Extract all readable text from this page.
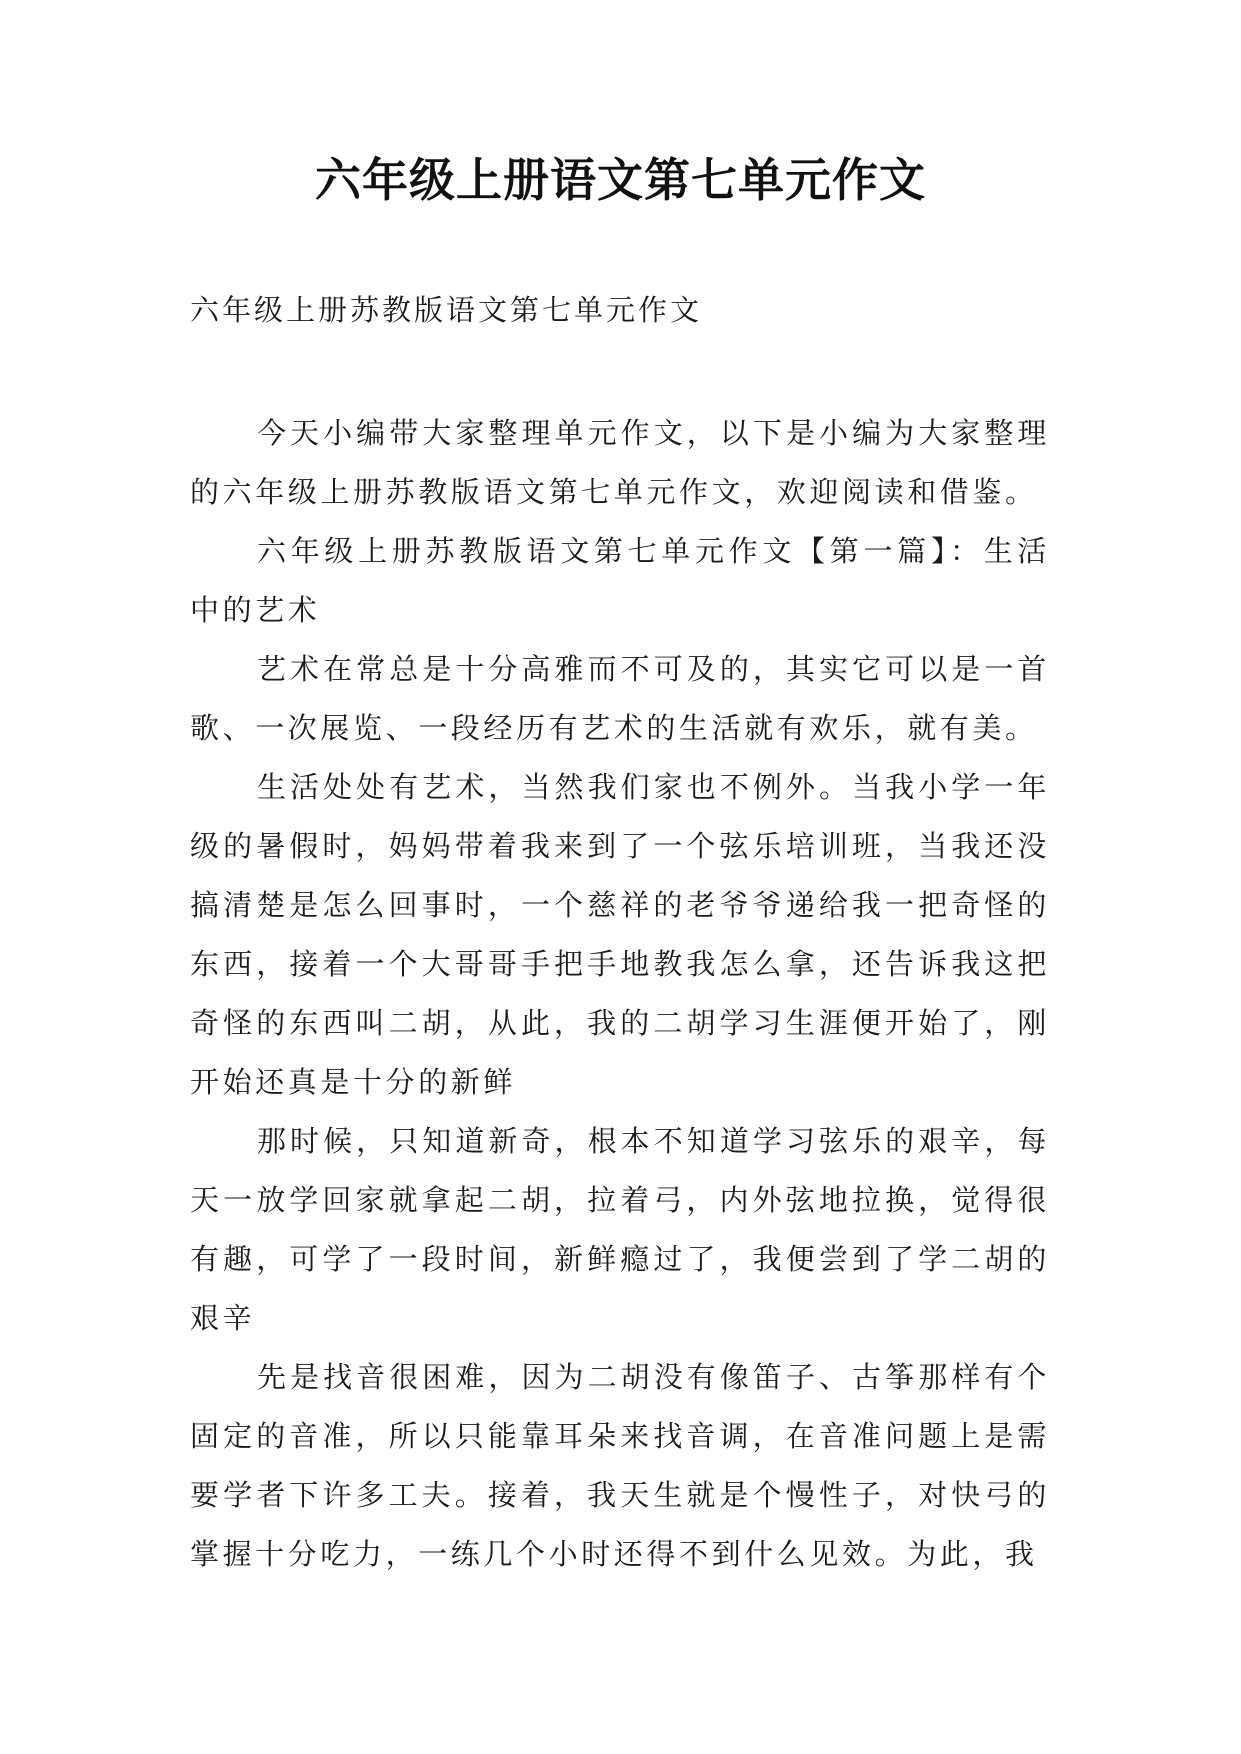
六年级上册语文第七单元作文

六年级上册苏教版语文第七单元作文

今天小编带大家整理单元作文，以下是小编为大家整理的六年级上册苏教版语文第七单元作文，欢迎阅读和借鉴。

六年级上册苏教版语文第七单元作文【第一篇】：生活中的艺术

艺术在常总是十分高雅而不可及的，其实它可以是一首歌、一次展览、一段经历有艺术的生活就有欢乐，就有美。

生活处处有艺术，当然我们家也不例外。当我小学一年级的暑假时，妈妈带着我来到了一个弦乐培训班，当我还没搞清楚是怎么回事时，一个慈祥的老爷爷递给我一把奇怪的东西，接着一个大哥哥手把手地教我怎么拿，还告诉我这把奇怪的东西叫二胡，从此，我的二胡学习生涯便开始了，刚开始还真是十分的新鲜

那时候，只知道新奇，根本不知道学习弦乐的艰辛，每天一放学回家就拿起二胡，拉着弓，内外弦地拉换，觉得很有趣，可学了一段时间，新鲜瘾过了，我便尝到了学二胡的艰辛

先是找音很困难，因为二胡没有像笛子、古筝那样有个固定的音准，所以只能靠耳朵来找音调，在音准问题上是需要学者下许多工夫。接着，我天生就是个慢性子，对快弓的掌握十分吃力，一练几个小时还得不到什么见效。为此，我
